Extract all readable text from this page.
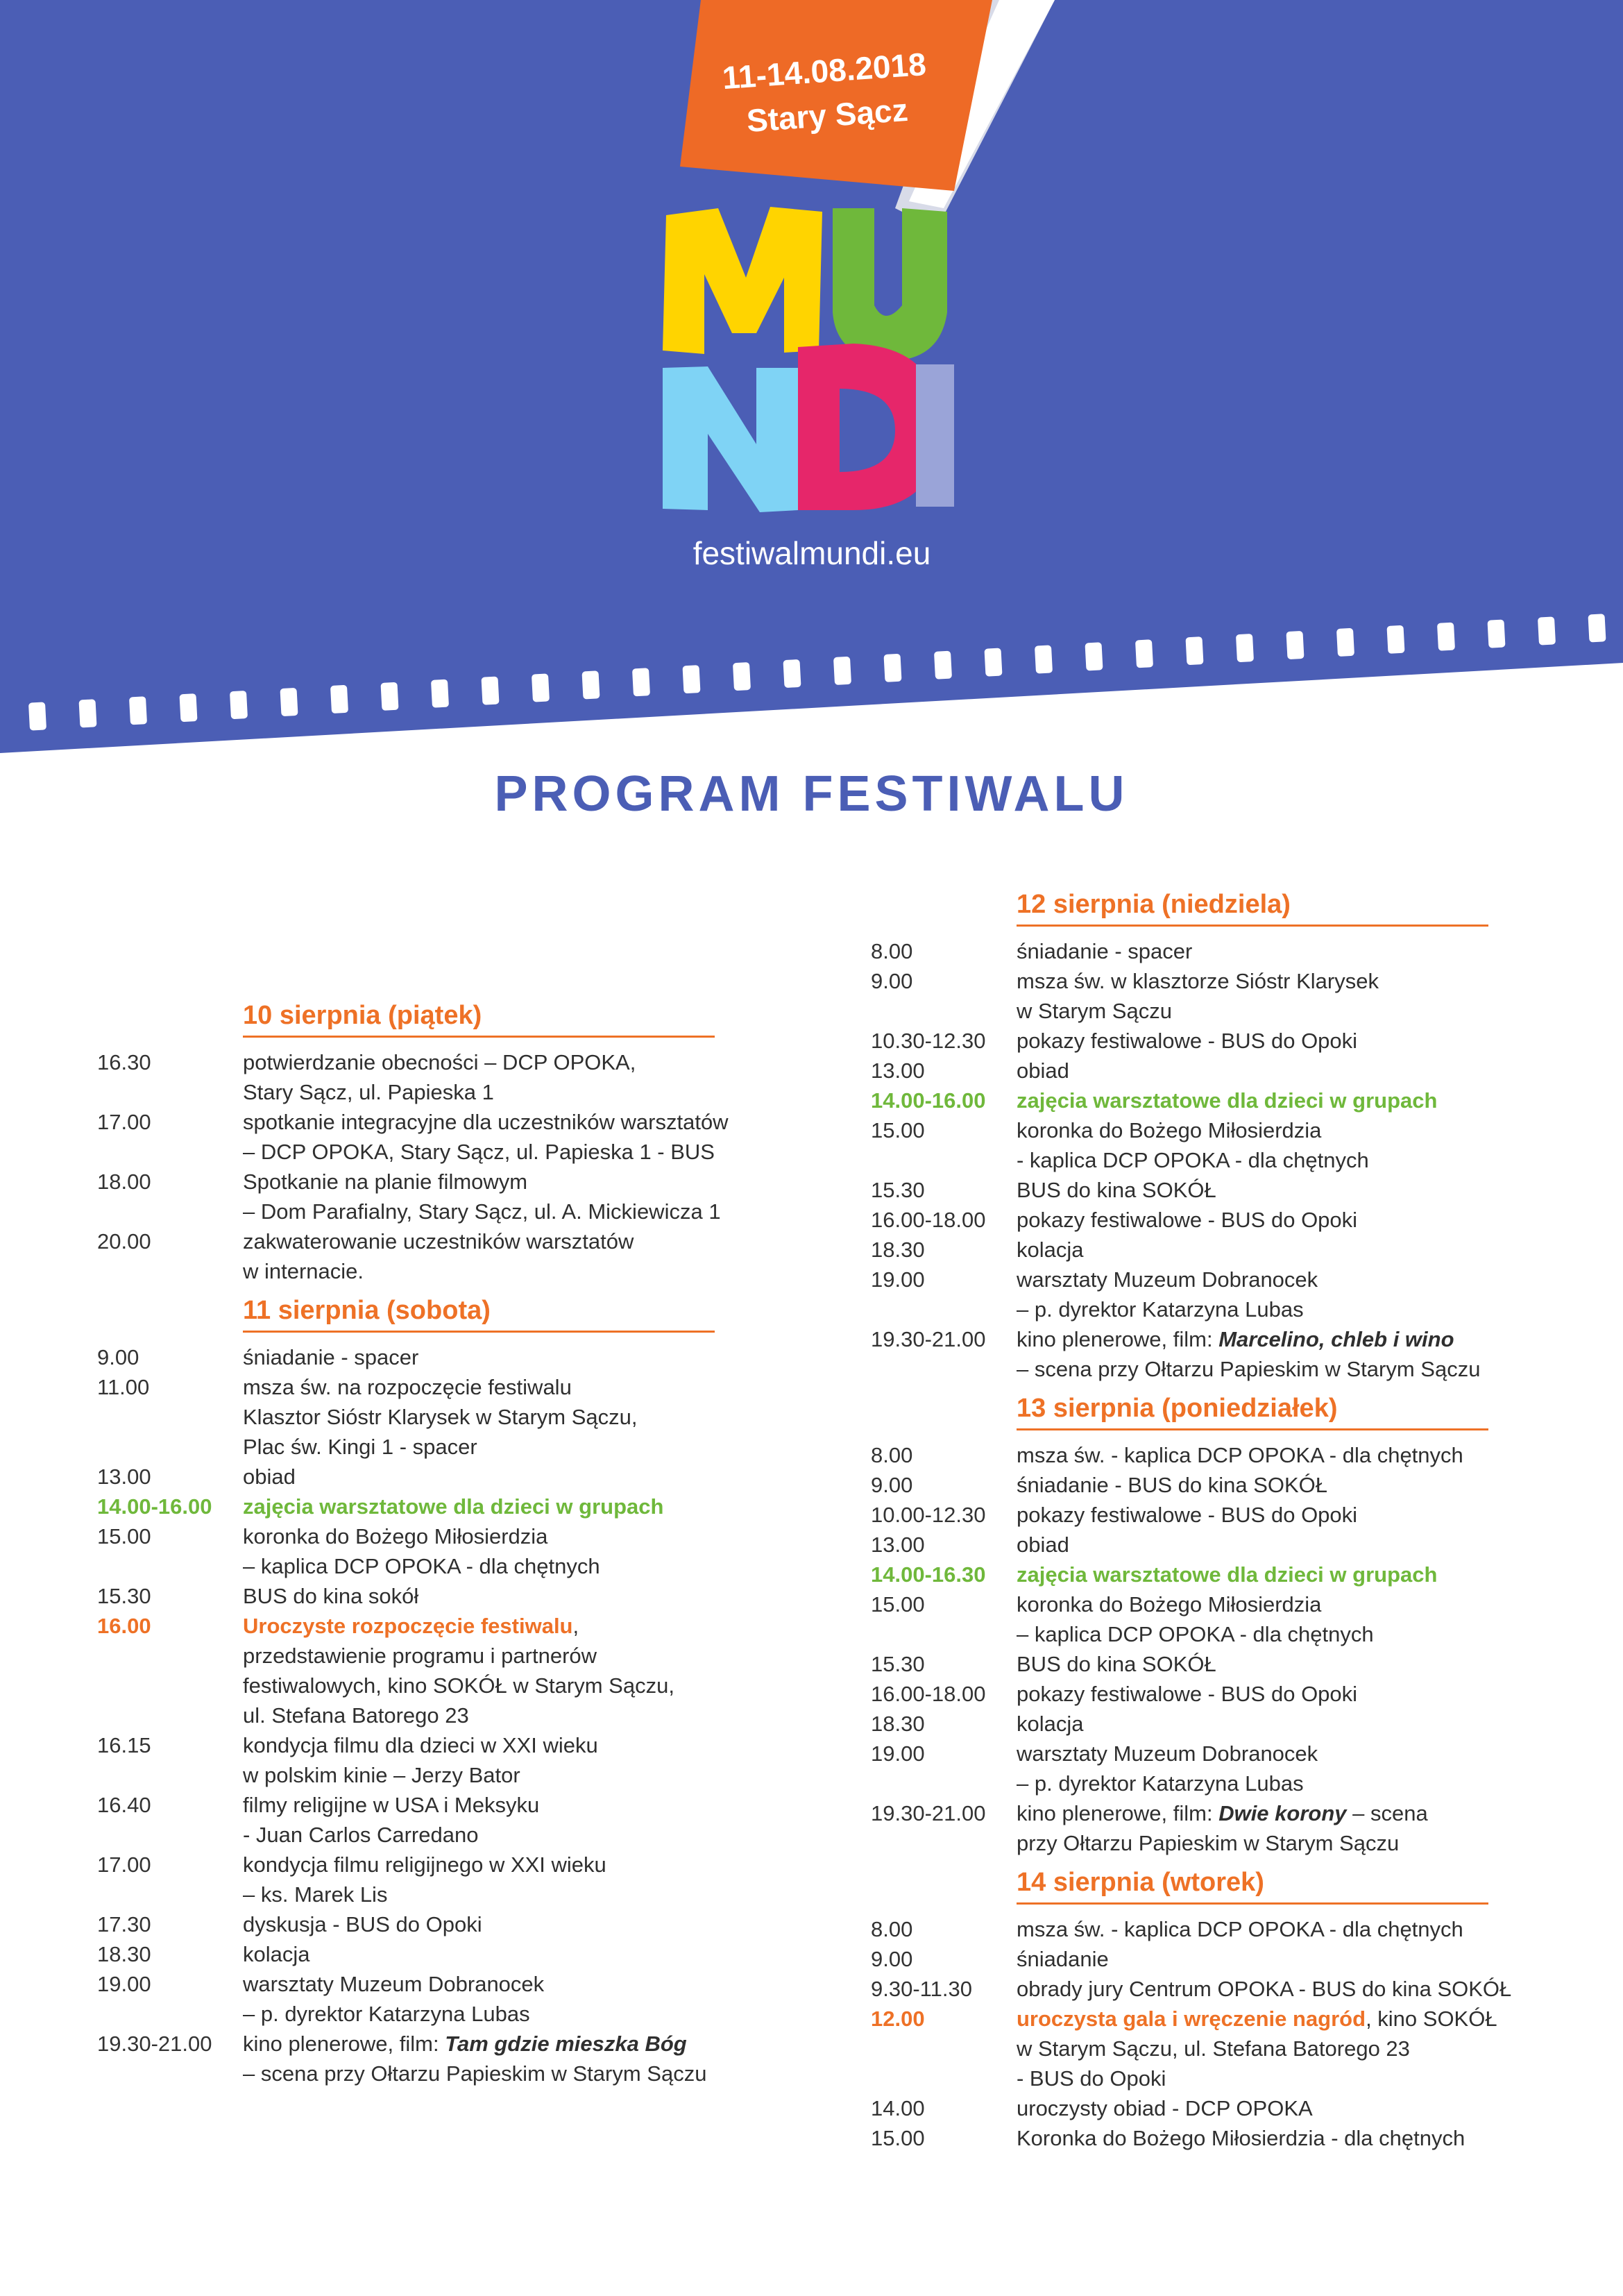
11-14.08.2018
Stary Sącz
festiwalmundi.eu
PROGRAM FESTIWALU
10 sierpnia (piątek)
16.30	potwierdzanie obecności – DCP OPOKA,
Stary Sącz, ul. Papieska 1
17.00	spotkanie integracyjne dla uczestników warsztatów
– DCP OPOKA, Stary Sącz, ul. Papieska 1 - BUS
18.00	Spotkanie na planie filmowym
– Dom Parafialny, Stary Sącz, ul. A. Mickiewicza 1
20.00	zakwaterowanie uczestników warsztatów
w internacie.
11 sierpnia (sobota)
9.00	śniadanie - spacer
11.00	msza św. na rozpoczęcie festiwalu
Klasztor Sióstr Klarysek w Starym Sączu,
Plac św. Kingi 1 - spacer
13.00	obiad
14.00-16.00	zajęcia warsztatowe dla dzieci w grupach
15.00	koronka do Bożego Miłosierdzia
– kaplica DCP OPOKA - dla chętnych
15.30	BUS do kina sokół
16.00	Uroczyste rozpoczęcie festiwalu,
przedstawienie programu i partnerów
festiwalowych, kino SOKÓŁ w Starym Sączu,
ul. Stefana Batorego 23
16.15	kondycja filmu dla dzieci w XXI wieku
w polskim kinie – Jerzy Bator
16.40	filmy religijne w USA i Meksyku
- Juan Carlos Carredano
17.00	kondycja filmu religijnego w XXI wieku
– ks. Marek Lis
17.30	dyskusja - BUS do Opoki
18.30	kolacja
19.00	warsztaty Muzeum Dobranocek
– p. dyrektor Katarzyna Lubas
19.30-21.00	kino plenerowe, film: Tam gdzie mieszka Bóg
– scena przy Ołtarzu Papieskim w Starym Sączu
12 sierpnia (niedziela)
8.00	śniadanie - spacer
9.00	msza św. w klasztorze Sióstr Klarysek
w Starym Sączu
10.30-12.30	pokazy festiwalowe - BUS do Opoki
13.00	obiad
14.00-16.00	zajęcia warsztatowe dla dzieci w grupach
15.00	koronka do Bożego Miłosierdzia
- kaplica DCP OPOKA - dla chętnych
15.30	BUS do kina SOKÓŁ
16.00-18.00	pokazy festiwalowe - BUS do Opoki
18.30	kolacja
19.00	warsztaty Muzeum Dobranocek
– p. dyrektor Katarzyna Lubas
19.30-21.00	kino plenerowe, film: Marcelino, chleb i wino
– scena przy Ołtarzu Papieskim w Starym Sączu
13 sierpnia (poniedziałek)
8.00	msza św. - kaplica DCP OPOKA - dla chętnych
9.00	śniadanie - BUS do kina SOKÓŁ
10.00-12.30	pokazy festiwalowe - BUS do Opoki
13.00	obiad
14.00-16.30	zajęcia warsztatowe dla dzieci w grupach
15.00	koronka do Bożego Miłosierdzia
– kaplica DCP OPOKA - dla chętnych
15.30	BUS do kina SOKÓŁ
16.00-18.00	pokazy festiwalowe - BUS do Opoki
18.30	kolacja
19.00	warsztaty Muzeum Dobranocek
– p. dyrektor Katarzyna Lubas
19.30-21.00	kino plenerowe, film: Dwie korony – scena
przy Ołtarzu Papieskim w Starym Sączu
14 sierpnia (wtorek)
8.00	msza św. - kaplica DCP OPOKA - dla chętnych
9.00	śniadanie
9.30-11.30	obrady jury Centrum OPOKA - BUS do kina SOKÓŁ
12.00	uroczysta gala i wręczenie nagród, kino SOKÓŁ
w Starym Sączu, ul. Stefana Batorego 23
- BUS do Opoki
14.00	uroczysty obiad - DCP OPOKA
15.00	Koronka do Bożego Miłosierdzia - dla chętnych
